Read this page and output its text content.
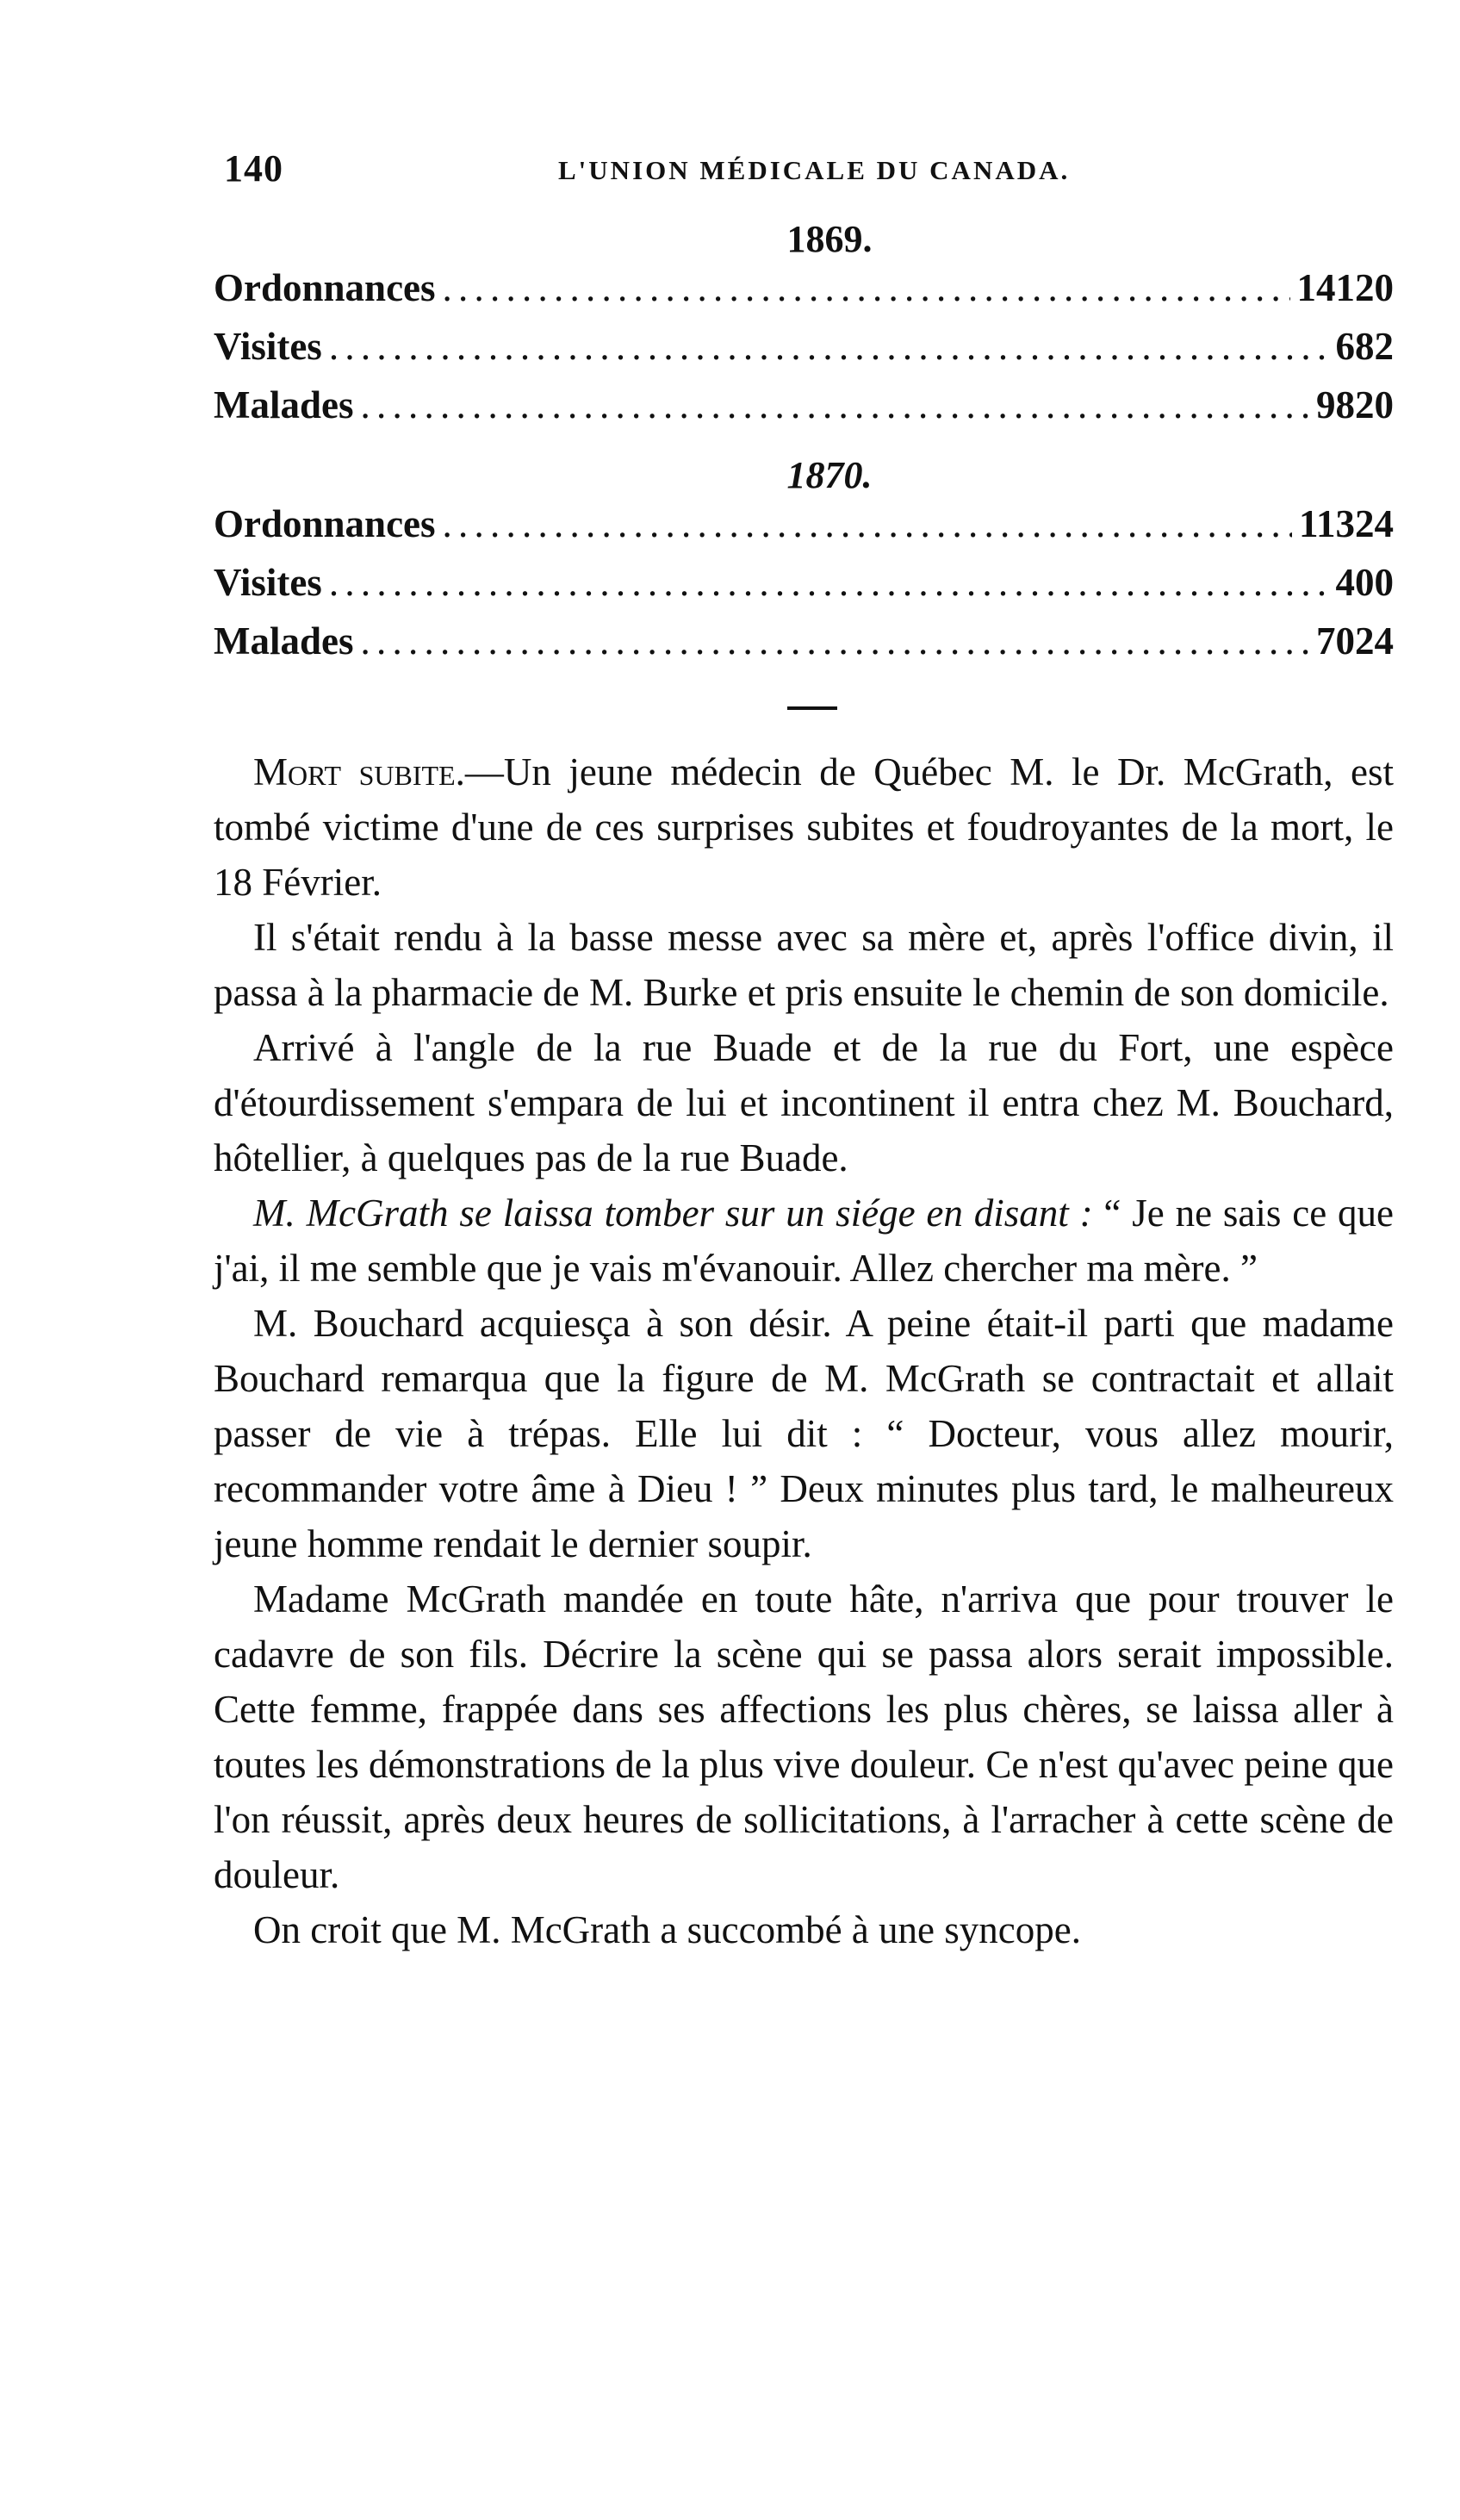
140	L'UNION MÉDICALE DU CANADA.
1869.
Ordonnances . . .	14120
Visites . . .	682
Malades . . .	9820
1870.
Ordonnances . . .	11324
Visites . . .	400
Malades . . .	7024

Mort subite.—Un jeune médecin de Québec M. le Dr. McGrath, est tombé victime d'une de ces surprises subites et foudroyantes de la mort, le 18 Février.

Il s'était rendu à la basse messe avec sa mère et, après l'office divin, il passa à la pharmacie de M. Burke et pris ensuite le chemin de son domicile.

Arrivé à l'angle de la rue Buade et de la rue du Fort, une espèce d'étourdissement s'empara de lui et incontinent il entra chez M. Bouchard, hôtellier, à quelques pas de la rue Buade.

M. McGrath se laissa tomber sur un siége en disant : “ Je ne sais ce que j'ai, il me semble que je vais m'évanouir. Allez chercher ma mère. ”

M. Bouchard acquiesça à son désir. A peine était-il parti que madame Bouchard remarqua que la figure de M. McGrath se contractait et allait passer de vie à trépas. Elle lui dit : “ Docteur, vous allez mourir, recommander votre âme à Dieu ! ” Deux minutes plus tard, le malheureux jeune homme rendait le dernier soupir.

Madame McGrath mandée en toute hâte, n'arriva que pour trouver le cadavre de son fils. Décrire la scène qui se passa alors serait impossible. Cette femme, frappée dans ses affections les plus chères, se laissa aller à toutes les démonstrations de la plus vive douleur. Ce n'est qu'avec peine que l'on réussit, après deux heures de sollicitations, à l'arracher à cette scène de douleur.

On croit que M. McGrath a succombé à une syncope.
